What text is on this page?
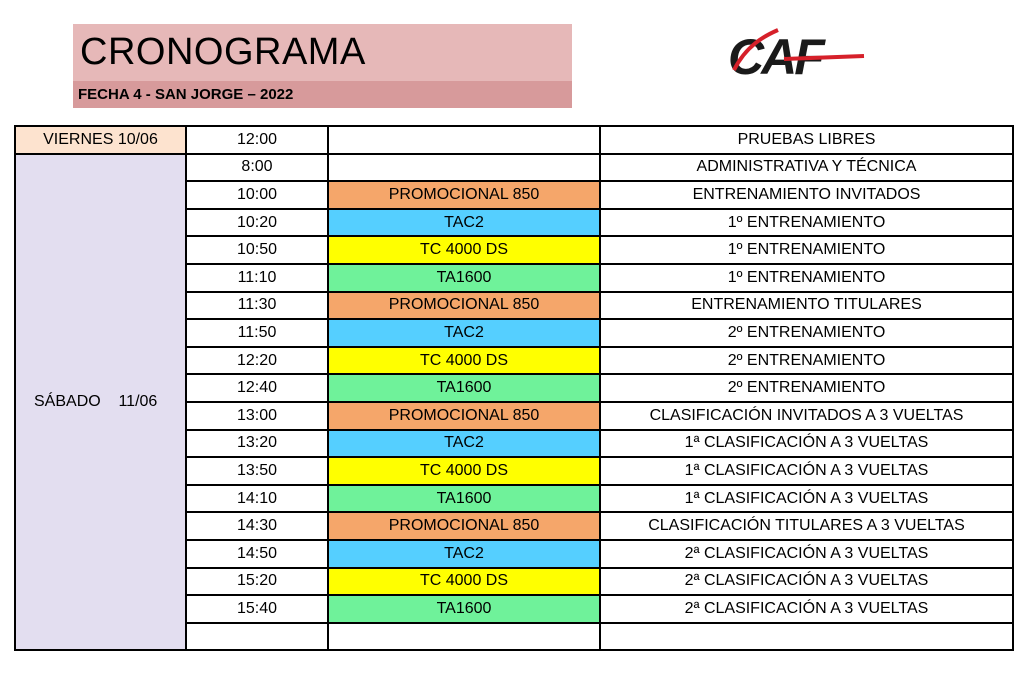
CRONOGRAMA
FECHA 4 - SAN JORGE – 2022
CAF
VIERNES 10/06	12:00		PRUEBAS LIBRES
SÁBADO    11/06	8:00		ADMINISTRATIVA Y TÉCNICA
	10:00	PROMOCIONAL 850	ENTRENAMIENTO INVITADOS
	10:20	TAC2	1º ENTRENAMIENTO
	10:50	TC 4000 DS	1º ENTRENAMIENTO
	11:10	TA1600	1º ENTRENAMIENTO
	11:30	PROMOCIONAL 850	ENTRENAMIENTO TITULARES
	11:50	TAC2	2º ENTRENAMIENTO
	12:20	TC 4000 DS	2º ENTRENAMIENTO
	12:40	TA1600	2º ENTRENAMIENTO
	13:00	PROMOCIONAL 850	CLASIFICACIÓN INVITADOS A 3 VUELTAS
	13:20	TAC2	1ª CLASIFICACIÓN A 3 VUELTAS
	13:50	TC 4000 DS	1ª CLASIFICACIÓN A 3 VUELTAS
	14:10	TA1600	1ª CLASIFICACIÓN A 3 VUELTAS
	14:30	PROMOCIONAL 850	CLASIFICACIÓN TITULARES A 3 VUELTAS
	14:50	TAC2	2ª CLASIFICACIÓN A 3 VUELTAS
	15:20	TC 4000 DS	2ª CLASIFICACIÓN A 3 VUELTAS
	15:40	TA1600	2ª CLASIFICACIÓN A 3 VUELTAS
